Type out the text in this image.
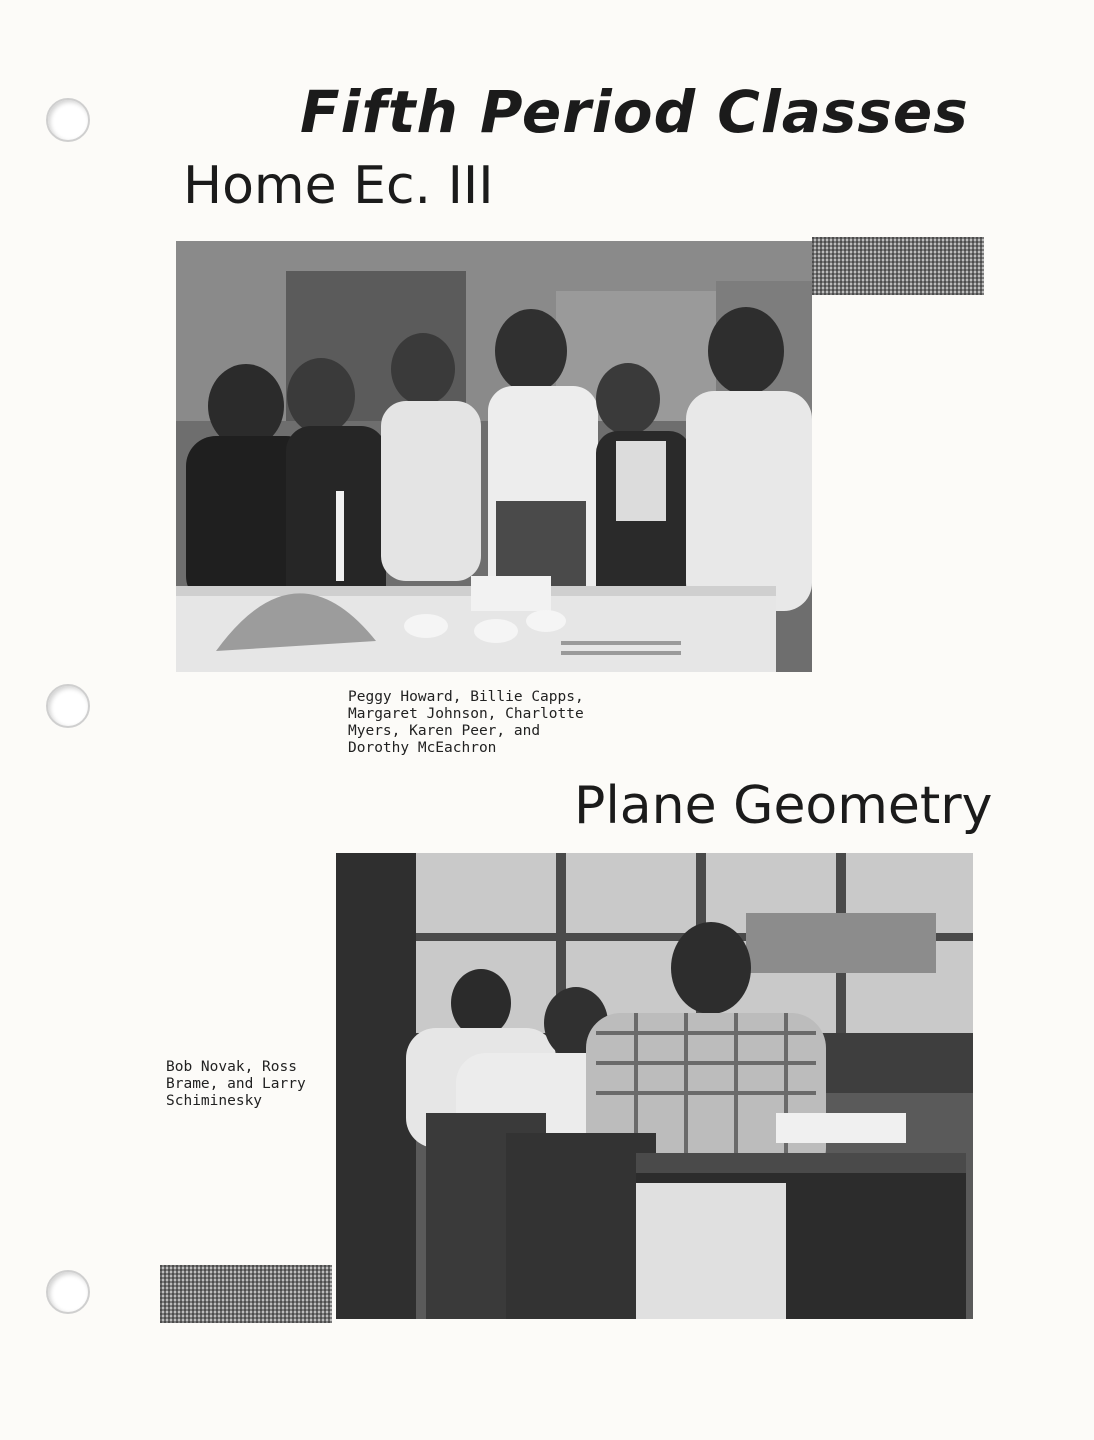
Fifth Period Classes
Home Ec. III
Peggy Howard, Billie Capps,
Margaret Johnson, Charlotte
Myers, Karen Peer, and
Dorothy McEachron
Plane Geometry
Bob Novak, Ross
Brame, and Larry
Schiminesky
